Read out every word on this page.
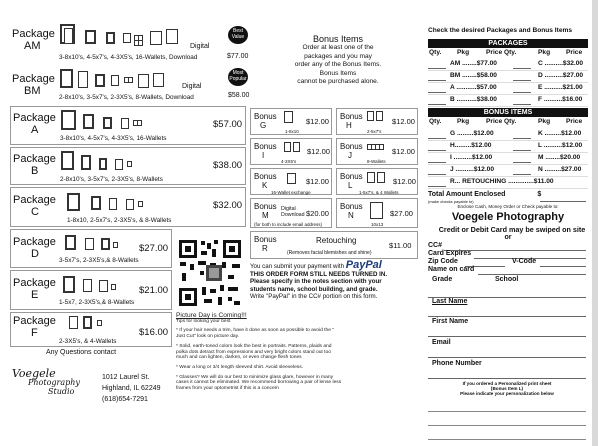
Package
AM	Digital
Best Value
3-8x10's, 4-5x7's, 4-3X5's, 16-Wallets, Download	$77.00
Package
BM	Digital
Most Popular
2-8x10's, 3-5x7's, 2-3X5's, 8-Wallets, Download	$58.00
Package
A
3-8x10's, 4-5x7's, 4-3X5's, 16-Wallets
$57.00
Package
B
2-8x10's, 3-5x7's, 2-3X5's, 8-Wallets
$38.00
Package
C
1-8x10, 2-5x7's, 2-3X5's, & 8-Wallets
$32.00
Package
D
3-5x7's, 2-3X5's,& 8-Wallets
$27.00
Package
E
1-5x7, 2-3X5's,& 8-Wallets
$21.00
Package
F
2-3X5's, & 4-Wallets
$16.00
Any Questions contact
Voegele
Photography
Studio
1012 Laurel St.
Highland, IL 62249
(618)654-7291
Bonus Items
Order at least one of the
packages and you may
order any of the Bonus Items.
Bonus Items
cannot be purchased alone.
Bonus
G
1-8x10
$12.00
Bonus
H
2-5x7's
$12.00
Bonus
I
4-3X5's
$12.00
Bonus
J
8-Wallets
$12.00
Bonus
K
16-Wallet exchange
$12.00
Bonus
L
1-5x7's, & 4 Wallets
$12.00
Bonus
M
Digital Download
(for both to include email address)
$20.00
Bonus
N
10x13
$27.00
Bonus
R
Retouching
(Removes facial blemishes and shine)
$11.00
You can submit your payment with PayPal
THIS ORDER FORM STILL NEEDS TURNED IN.
Please specify in the notes section with your
students name, school building, and grade.
Write "PayPal" in the CC# portion on this form.
Picture Day is Coming!!!
Tips for looking your best
* If your hair needs a trim, have it done as soon as possible to avoid the " Just Cut" look on picture day.
* Solid, earth-toned colors look the best in portraits. Patterns, plaids and polka dots detract from expressions and very bright colors stand out too much and can lighten, darken, or even change flesh tones
* Wear a long or 3/4 length sleeved shirt. Avoid sleeveless.
* Glasses? We will do our best to minimize glass glare, however in many cases it cannot be eliminated. We recommend borrowing a pair of lense less frames from your optometrist if this is a concern
Check the desired Packages and Bonus Items
PACKAGES
Qty. Pkg	Price Qty.	Pkg Price
AM ........$77.00	C ..........$32.00
BM ........$58.00	D ..........$27.00
A ...........$57.00	E ..........$21.00
B ...........$38.00	F ..........$16.00
BONUS ITEMS
Qty. Pkg	Price Qty.	Pkg Price
G .........$12.00	K .........$12.00
H.........$12.00	L ..........$12.00
I ..........$12.00	M ........$20.00
J ..........$12.00	N .........$27.00
R... RETOUCHING ..............$11.00
Total Amount Enclosed	$
(make checks payable to)
Enclose Cash, Money Order or Check payable to:
Voegele Photography
Credit or Debit Card may be swiped on site
or
CC#
Card Expires
Zip Code	V-Code
Name on card
Grade	School
Last Name
First Name
Email
Phone Number
If you ordered a Personalized print sheet
(Bonus Item L)
Please indicate your personalization below
